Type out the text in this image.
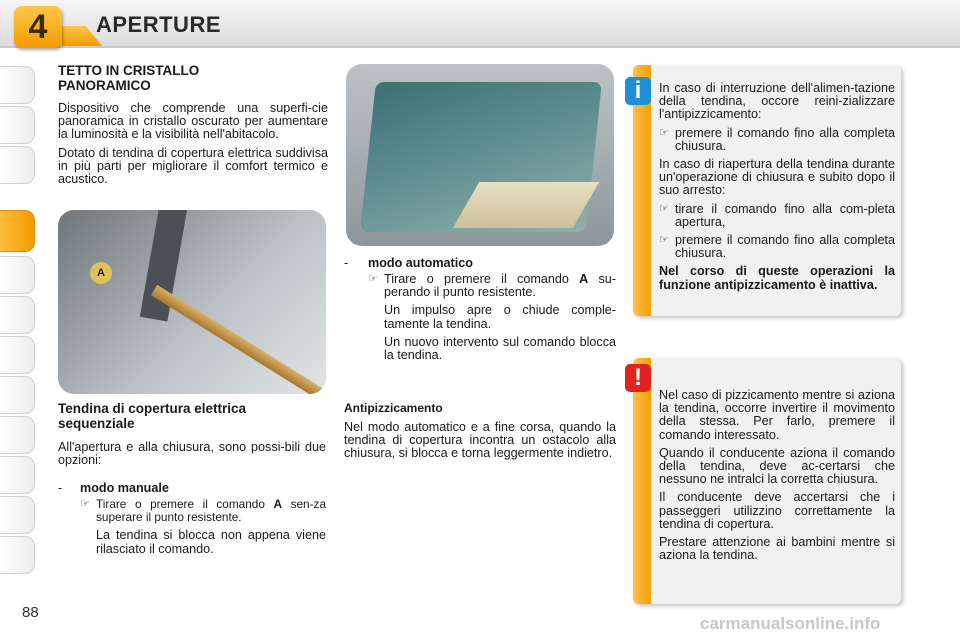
4	APERTURE
TETTO IN CRISTALLO PANORAMICO
Dispositivo che comprende una superfi-cie panoramica in cristallo oscurato per aumentare la luminosità e la visibilità nell'abitacolo.
Dotato di tendina di copertura elettrica suddivisa in più parti per migliorare il comfort termico e acustico.
A
Tendina di copertura elettrica sequenziale
All'apertura e alla chiusura, sono possi-bili due opzioni:
-	modo manuale
☞ Tirare o premere il comando A sen-za superare il punto resistente.
La tendina si blocca non appena viene rilasciato il comando.
-	modo automatico
☞ Tirare o premere il comando A su-perando il punto resistente.
Un impulso apre o chiude comple-tamente la tendina.
Un nuovo intervento sul comando blocca la tendina.
Antipizzicamento
Nel modo automatico e a fine corsa, quando la tendina di copertura incontra un ostacolo alla chiusura, si blocca e torna leggermente indietro.
i	In caso di interruzione dell'alimen-tazione della tendina, occore reini-zializzare l'antipizzicamento:
☞ premere il comando fino alla completa chiusura.
In caso di riapertura della tendina durante un'operazione di chiusura e subito dopo il suo arresto:
☞ tirare il comando fino alla com-pleta apertura,
☞ premere il comando fino alla completa chiusura.
Nel corso di queste operazioni la funzione antipizzicamento è inattiva.
!
Nel caso di pizzicamento mentre si aziona la tendina, occorre invertire il movimento della stessa. Per farlo, premere il comando interessato.
Quando il conducente aziona il comando della tendina, deve ac-certarsi che nessuno ne intralci la corretta chiusura.
Il conducente deve accertarsi che i passeggeri utilizzino correttamente la tendina di copertura.
Prestare attenzione ai bambini mentre si aziona la tendina.
88
carmanualsonline.info
